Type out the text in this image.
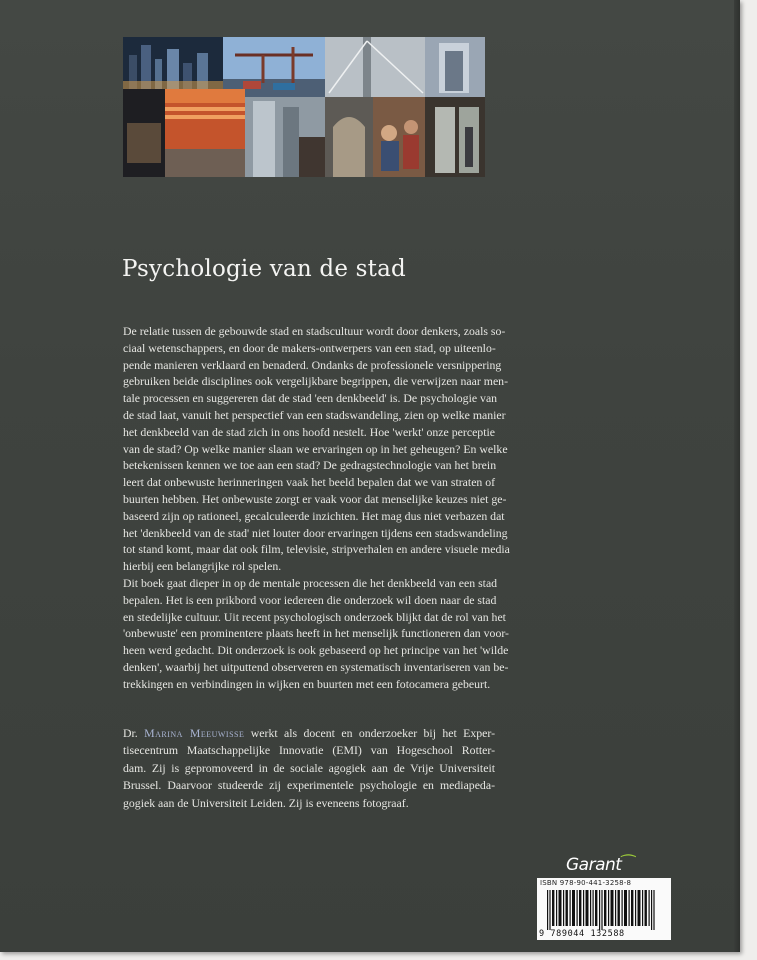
Psychologie van de stad
De relatie tussen de gebouwde stad en stadscultuur wordt door denkers, zoals so-
ciaal wetenschappers, en door de makers-ontwerpers van een stad, op uiteenlo-
pende manieren verklaard en benaderd. Ondanks de professionele versnippering
gebruiken beide disciplines ook vergelijkbare begrippen, die verwijzen naar men-
tale processen en suggereren dat de stad 'een denkbeeld' is. De psychologie van
de stad laat, vanuit het perspectief van een stadswandeling, zien op welke manier
het denkbeeld van de stad zich in ons hoofd nestelt. Hoe 'werkt' onze perceptie
van de stad? Op welke manier slaan we ervaringen op in het geheugen? En welke
betekenissen kennen we toe aan een stad? De gedragstechnologie van het brein
leert dat onbewuste herinneringen vaak het beeld bepalen dat we van straten of
buurten hebben. Het onbewuste zorgt er vaak voor dat menselijke keuzes niet ge-
baseerd zijn op rationeel, gecalculeerde inzichten. Het mag dus niet verbazen dat
het 'denkbeeld van de stad' niet louter door ervaringen tijdens een stadswandeling
tot stand komt, maar dat ook film, televisie, stripverhalen en andere visuele media
hierbij een belangrijke rol spelen.
Dit boek gaat dieper in op de mentale processen die het denkbeeld van een stad
bepalen. Het is een prikbord voor iedereen die onderzoek wil doen naar de stad
en stedelijke cultuur. Uit recent psychologisch onderzoek blijkt dat de rol van het
'onbewuste' een prominentere plaats heeft in het menselijk functioneren dan voor-
heen werd gedacht. Dit onderzoek is ook gebaseerd op het principe van het 'wilde
denken', waarbij het uitputtend observeren en systematisch inventariseren van be-
trekkingen en verbindingen in wijken en buurten met een fotocamera gebeurt.
Dr. Marina Meeuwisse werkt als docent en onderzoeker bij het Exper-
tisecentrum Maatschappelijke Innovatie (EMI) van Hogeschool Rotter-
dam. Zij is gepromoveerd in de sociale agogiek aan de Vrije Universiteit
Brussel. Daarvoor studeerde zij experimentele psychologie en mediapeda-
gogiek aan de Universiteit Leiden. Zij is eveneens fotograaf.
Garant⁀
ISBN 978-90-441-3258-8
9 789044 132588
